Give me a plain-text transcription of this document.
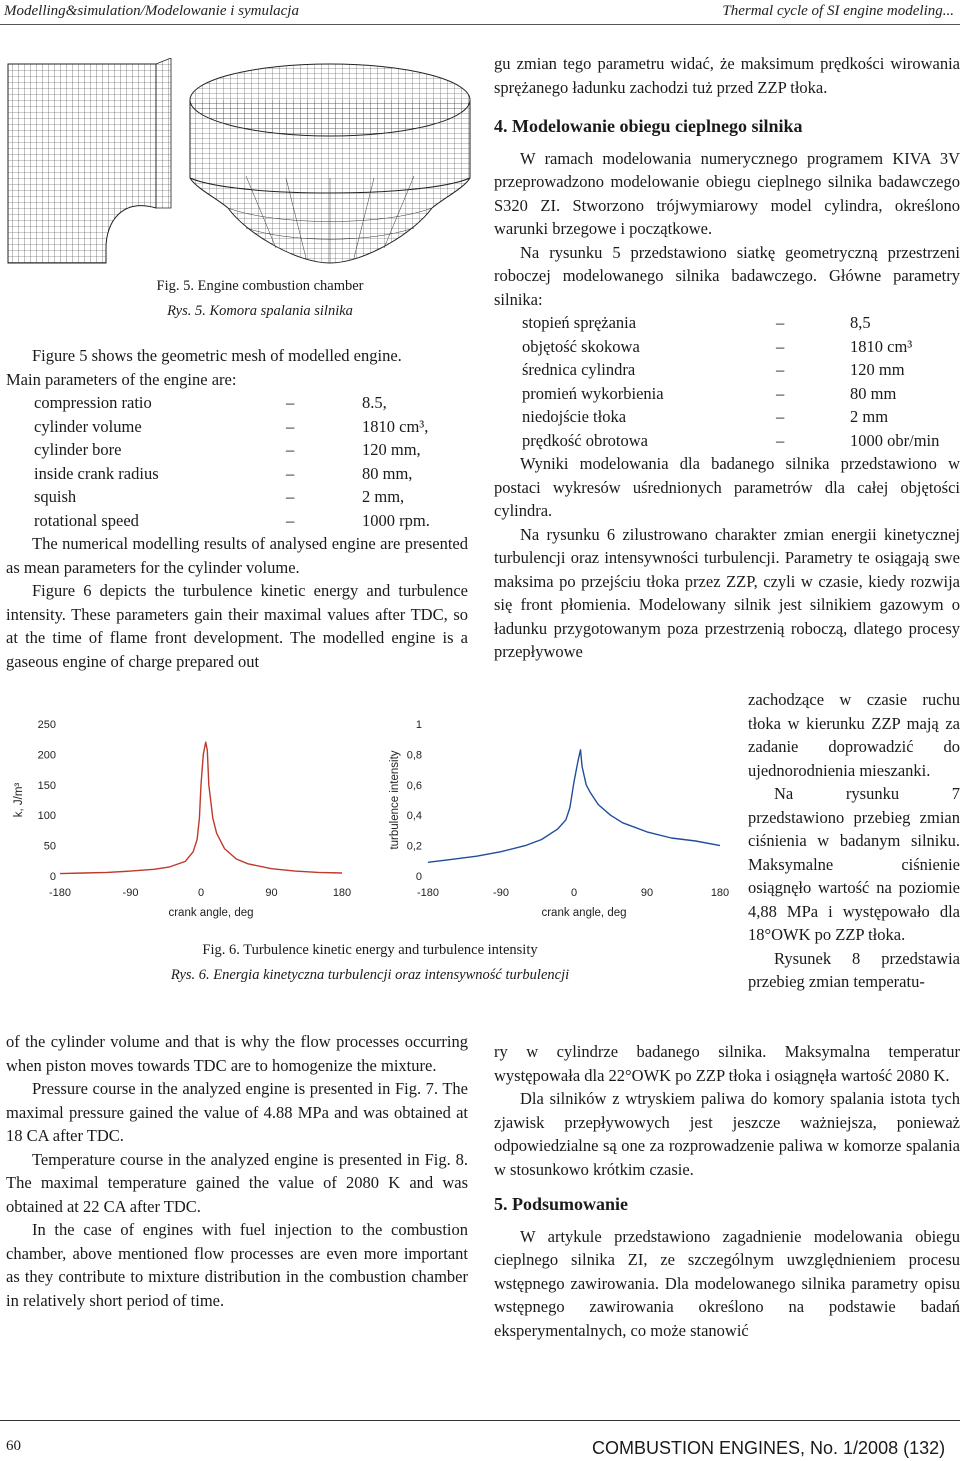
Modelling&simulation/Modelowanie i symulacja	Thermal cycle of SI engine modeling...
Fig. 5. Engine combustion chamber
Rys. 5. Komora spalania silnika

Figure 5 shows the geometric mesh of modelled engine.

Main parameters of the engine are:

compression ratio	–	8.5,
cylinder volume	–	1810 cm³,
cylinder bore	–	120 mm,
inside crank radius	–	80 mm,
squish	–	2 mm,
rotational speed	–	1000 rpm.

The numerical modelling results of analysed engine are presented as mean parameters for the cylinder volume.

Figure 6 depicts the turbulence kinetic energy and turbulence intensity. These parameters gain their maximal values after TDC, so at the time of flame front development. The modelled engine is a gaseous engine of charge prepared out

0
50
100
150
200
250
-180	-90	0	90	180
crank angle, deg
k, J/m³
0
0,2
0,4
0,6
0,8
1
-180	-90	0	90	180
crank angle, deg
turbulence intensity
Fig. 6. Turbulence kinetic energy and turbulence intensity
Rys. 6. Energia kinetyczna turbulencji oraz intensywność turbulencji

of the cylinder volume and that is why the flow processes occurring when piston moves towards TDC are to homogenize the mixture.

Pressure course in the analyzed engine is presented in Fig. 7. The maximal pressure gained the value of 4.88 MPa and was obtained at 18 CA after TDC.

Temperature course in the analyzed engine is presented in Fig. 8. The maximal temperature gained the value of 2080 K and was obtained at 22 CA after TDC.

In the case of engines with fuel injection to the combustion chamber, above mentioned flow processes are even more important as they contribute to mixture distribution in the combustion chamber in relatively short period of time.

gu zmian tego parametru widać, że maksimum prędkości wirowania sprężanego ładunku zachodzi tuż przed ZZP tłoka.

4. Modelowanie obiegu cieplnego silnika

W ramach modelowania numerycznego programem KIVA 3V przeprowadzono modelowanie obiegu cieplnego silnika badawczego S320 ZI. Stworzono trójwymiarowy model cylindra, określono warunki brzegowe i początkowe.

Na rysunku 5 przedstawiono siatkę geometryczną przestrzeni roboczej modelowanego silnika badawczego. Główne parametry silnika:

stopień sprężania	–	8,5
objętość skokowa	–	1810 cm³
średnica cylindra	–	120 mm
promień wykorbienia	–	80 mm
niedojście tłoka	–	2 mm
prędkość obrotowa	–	1000 obr/min

Wyniki modelowania dla badanego silnika przedstawiono w postaci wykresów uśrednionych parametrów dla całej objętości cylindra.

Na rysunku 6 zilustrowano charakter zmian energii kinetycznej turbulencji oraz intensywności turbulencji. Parametry te osiągają swe maksima po przejściu tłoka przez ZZP, czyli w czasie, kiedy rozwija się front płomienia. Modelowany silnik jest silnikiem gazowym o ładunku przygotowanym poza przestrzenią roboczą, dlatego procesy przepływowe

zachodzące w czasie ruchu tłoka w kierunku ZZP mają za zadanie doprowadzić do ujednorodnienia mieszanki.

Na rysunku 7 przedstawiono przebieg zmian ciśnienia w badanym silniku. Maksymalne ciśnienie osiągnęło wartość na poziomie 4,88 MPa i występowało dla 18°OWK po ZZP tłoka.

Rysunek 8 przedstawia przebieg zmian temperatu-

ry w cylindrze badanego silnika. Maksymalna temperatur występowała dla 22°OWK po ZZP tłoka i osiągnęła wartość 2080 K.

Dla silników z wtryskiem paliwa do komory spalania istota tych zjawisk przepływowych jest jeszcze ważniejsza, ponieważ odpowiedzialne są one za rozprowadzenie paliwa w komorze spalania w stosunkowo krótkim czasie.

5. Podsumowanie

W artykule przedstawiono zagadnienie modelowania obiegu cieplnego silnika ZI, ze szczególnym uwzględnieniem procesu wstępnego zawirowania. Dla modelowanego silnika parametry opisu wstępnego zawirowania określono na podstawie badań eksperymentalnych, co może stanowić

60	COMBUSTION ENGINES, No. 1/2008 (132)
